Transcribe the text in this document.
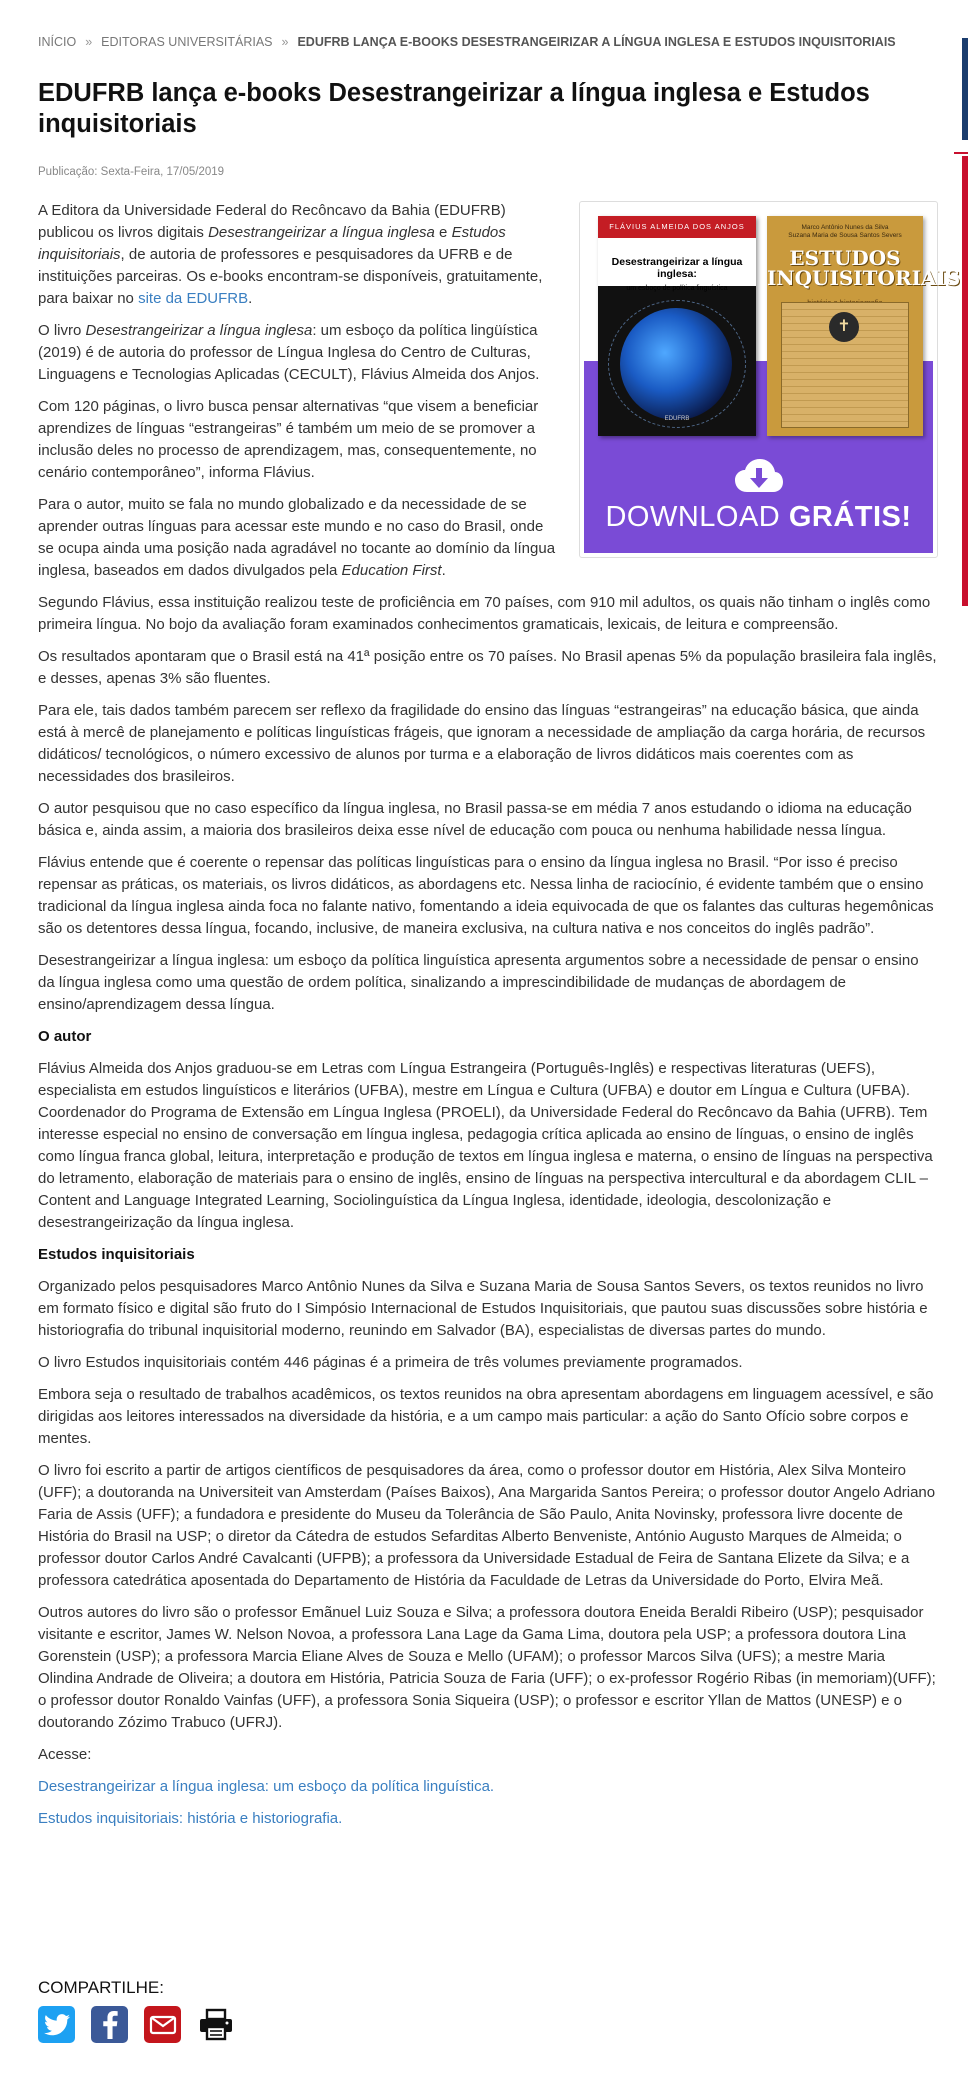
INÍCIO » EDITORAS UNIVERSITÁRIAS » EDUFRB LANÇA E-BOOKS DESESTRANGEIRIZAR A LÍNGUA INGLESA E ESTUDOS INQUISITORIAIS
EDUFRB lança e-books Desestrangeirizar a língua inglesa e Estudos inquisitoriais
Publicação: Sexta-Feira, 17/05/2019
FLÁVIUS ALMEIDA DOS ANJOS
Desestrangeirizar a língua inglesa:
um esboço de política linguística
EDUFRB
Marco Antônio Nunes da Silva
Suzana Maria de Sousa Santos Severs
ESTUDOS INQUISITORIAIS
✝
DOWNLOAD GRÁTIS!

A Editora da Universidade Federal do Recôncavo da Bahia (EDUFRB) publicou os livros digitais Desestrangeirizar a língua inglesa e Estudos inquisitoriais, de autoria de professores e pesquisadores da UFRB e de instituições parceiras. Os e-books encontram-se disponíveis, gratuitamente, para baixar no site da EDUFRB.

O livro Desestrangeirizar a língua inglesa: um esboço da política lingüística (2019) é de autoria do professor de Língua Inglesa do Centro de Culturas, Linguagens e Tecnologias Aplicadas (CECULT), Flávius Almeida dos Anjos.

Com 120 páginas, o livro busca pensar alternativas “que visem a beneficiar aprendizes de línguas “estrangeiras” é também um meio de se promover a inclusão deles no processo de aprendizagem, mas, consequentemente, no cenário contemporâneo”, informa Flávius.

Para o autor, muito se fala no mundo globalizado e da necessidade de se aprender outras línguas para acessar este mundo e no caso do Brasil, onde se ocupa ainda uma posição nada agradável no tocante ao domínio da língua inglesa, baseados em dados divulgados pela Education First.

Segundo Flávius, essa instituição realizou teste de proficiência em 70 países, com 910 mil adultos, os quais não tinham o inglês como primeira língua. No bojo da avaliação foram examinados conhecimentos gramaticais, lexicais, de leitura e compreensão.

Os resultados apontaram que o Brasil está na 41ª posição entre os 70 países. No Brasil apenas 5% da população brasileira fala inglês, e desses, apenas 3% são fluentes.

Para ele, tais dados também parecem ser reflexo da fragilidade do ensino das línguas “estrangeiras” na educação básica, que ainda está à mercê de planejamento e políticas linguísticas frágeis, que ignoram a necessidade de ampliação da carga horária, de recursos didáticos/ tecnológicos, o número excessivo de alunos por turma e a elaboração de livros didáticos mais coerentes com as necessidades dos brasileiros.

O autor pesquisou que no caso específico da língua inglesa, no Brasil passa-se em média 7 anos estudando o idioma na educação básica e, ainda assim, a maioria dos brasileiros deixa esse nível de educação com pouca ou nenhuma habilidade nessa língua.

Flávius entende que é coerente o repensar das políticas linguísticas para o ensino da língua inglesa no Brasil. “Por isso é preciso repensar as práticas, os materiais, os livros didáticos, as abordagens etc. Nessa linha de raciocínio, é evidente também que o ensino tradicional da língua inglesa ainda foca no falante nativo, fomentando a ideia equivocada de que os falantes das culturas hegemônicas são os detentores dessa língua, focando, inclusive, de maneira exclusiva, na cultura nativa e nos conceitos do inglês padrão”.

Desestrangeirizar a língua inglesa: um esboço da política linguística apresenta argumentos sobre a necessidade de pensar o ensino da língua inglesa como uma questão de ordem política, sinalizando a imprescindibilidade de mudanças de abordagem de ensino/aprendizagem dessa língua.

O autor

Flávius Almeida dos Anjos graduou-se em Letras com Língua Estrangeira (Português-Inglês) e respectivas literaturas (UEFS), especialista em estudos linguísticos e literários (UFBA), mestre em Língua e Cultura (UFBA) e doutor em Língua e Cultura (UFBA). Coordenador do Programa de Extensão em Língua Inglesa (PROELI), da Universidade Federal do Recôncavo da Bahia (UFRB). Tem interesse especial no ensino de conversação em língua inglesa, pedagogia crítica aplicada ao ensino de línguas, o ensino de inglês como língua franca global, leitura, interpretação e produção de textos em língua inglesa e materna, o ensino de línguas na perspectiva do letramento, elaboração de materiais para o ensino de inglês, ensino de línguas na perspectiva intercultural e da abordagem CLIL – Content and Language Integrated Learning, Sociolinguística da Língua Inglesa, identidade, ideologia, descolonização e desestrangeirização da língua inglesa.

Estudos inquisitoriais

Organizado pelos pesquisadores Marco Antônio Nunes da Silva e Suzana Maria de Sousa Santos Severs, os textos reunidos no livro em formato físico e digital são fruto do I Simpósio Internacional de Estudos Inquisitoriais, que pautou suas discussões sobre história e historiografia do tribunal inquisitorial moderno, reunindo em Salvador (BA), especialistas de diversas partes do mundo.

O livro Estudos inquisitoriais contém 446 páginas é a primeira de três volumes previamente programados.

Embora seja o resultado de trabalhos acadêmicos, os textos reunidos na obra apresentam abordagens em linguagem acessível, e são dirigidas aos leitores interessados na diversidade da história, e a um campo mais particular: a ação do Santo Ofício sobre corpos e mentes.

O livro foi escrito a partir de artigos científicos de pesquisadores da área, como o professor doutor em História, Alex Silva Monteiro (UFF); a doutoranda na Universiteit van Amsterdam (Países Baixos), Ana Margarida Santos Pereira; o professor doutor Angelo Adriano Faria de Assis (UFF); a fundadora e presidente do Museu da Tolerância de São Paulo, Anita Novinsky, professora livre docente de História do Brasil na USP; o diretor da Cátedra de estudos Sefarditas Alberto Benveniste, António Augusto Marques de Almeida; o professor doutor Carlos André Cavalcanti (UFPB); a professora da Universidade Estadual de Feira de Santana Elizete da Silva; e a professora catedrática aposentada do Departamento de História da Faculdade de Letras da Universidade do Porto, Elvira Meã.

Outros autores do livro são o professor Emãnuel Luiz Souza e Silva; a professora doutora Eneida Beraldi Ribeiro (USP); pesquisador visitante e escritor, James W. Nelson Novoa, a professora Lana Lage da Gama Lima, doutora pela USP; a professora doutora Lina Gorenstein (USP); a professora Marcia Eliane Alves de Souza e Mello (UFAM); o professor Marcos Silva (UFS); a mestre Maria Olindina Andrade de Oliveira; a doutora em História, Patricia Souza de Faria (UFF); o ex-professor Rogério Ribas (in memoriam)(UFF); o professor doutor Ronaldo Vainfas (UFF), a professora Sonia Siqueira (USP); o professor e escritor Yllan de Mattos (UNESP) e o doutorando Zózimo Trabuco (UFRJ).

Acesse:

Desestrangeirizar a língua inglesa: um esboço da política linguística.

Estudos inquisitoriais: história e historiografia.

COMPARTILHE:
